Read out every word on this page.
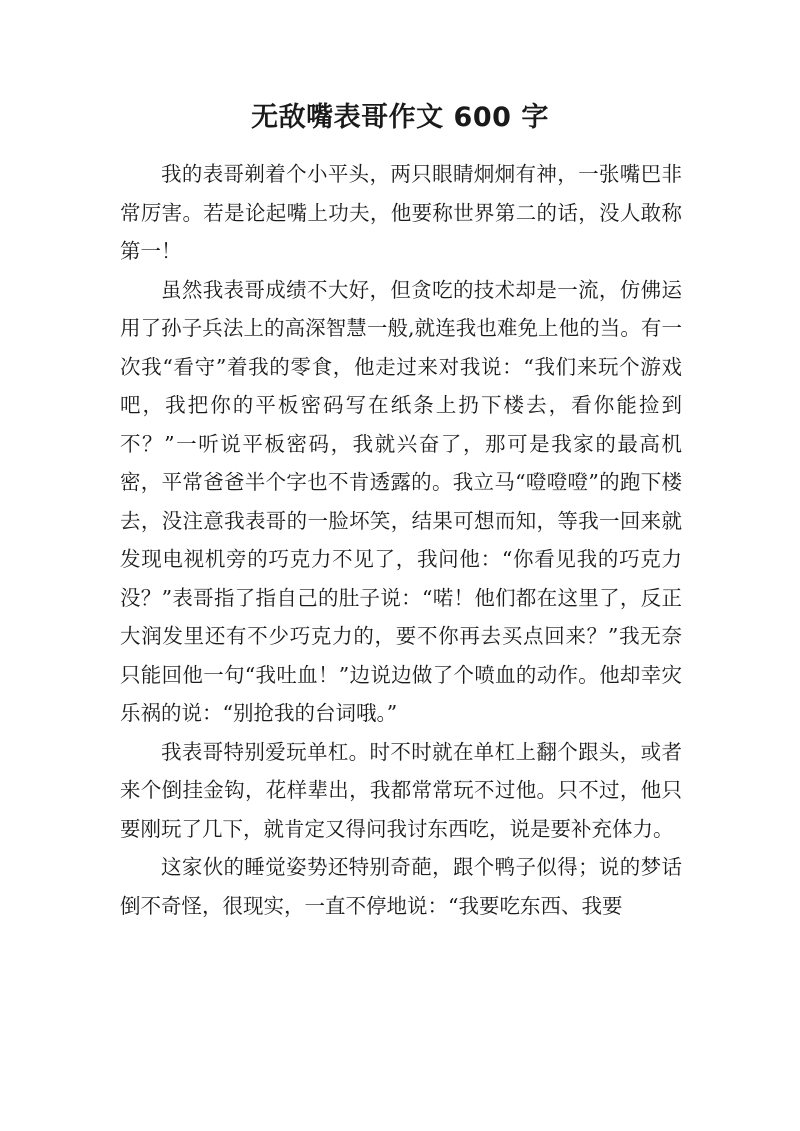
无敌嘴表哥作文 600 字

我的表哥剃着个小平头，两只眼睛炯炯有神，一张嘴巴非常厉害。若是论起嘴上功夫，他要称世界第二的话，没人敢称第一！

虽然我表哥成绩不大好，但贪吃的技术却是一流，仿佛运用了孙子兵法上的高深智慧一般,就连我也难免上他的当。有一次我“看守”着我的零食，他走过来对我说：“我们来玩个游戏吧，我把你的平板密码写在纸条上扔下楼去，看你能捡到不？”一听说平板密码，我就兴奋了，那可是我家的最高机密，平常爸爸半个字也不肯透露的。我立马“噔噔噔”的跑下楼去，没注意我表哥的一脸坏笑，结果可想而知，等我一回来就发现电视机旁的巧克力不见了，我问他：“你看见我的巧克力没？”表哥指了指自己的肚子说：“喏！他们都在这里了，反正大润发里还有不少巧克力的，要不你再去买点回来？”我无奈只能回他一句“我吐血！”边说边做了个喷血的动作。他却幸灾乐祸的说：“别抢我的台词哦。”

我表哥特别爱玩单杠。时不时就在单杠上翻个跟头，或者来个倒挂金钩，花样辈出，我都常常玩不过他。只不过，他只要刚玩了几下，就肯定又得问我讨东西吃，说是要补充体力。

这家伙的睡觉姿势还特别奇葩，跟个鸭子似得；说的梦话倒不奇怪，很现实，一直不停地说：“我要吃东西、我要
